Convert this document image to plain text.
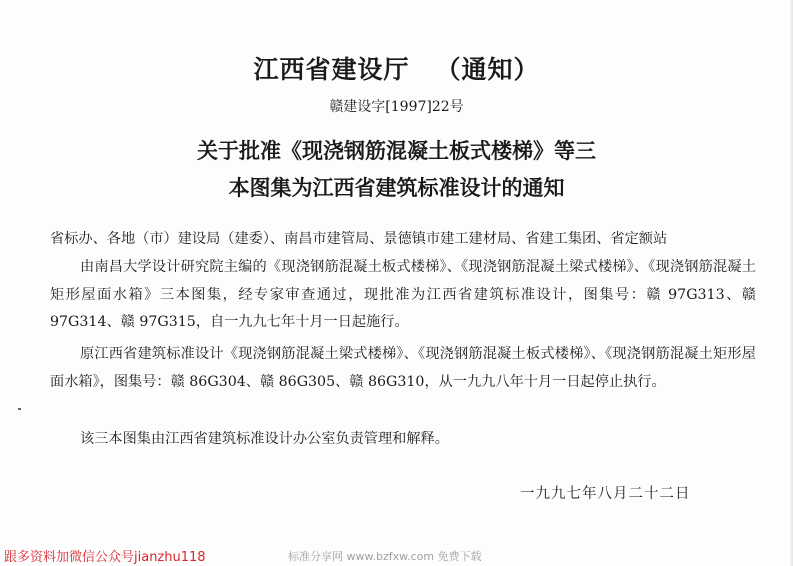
江西省建设厅 （通知）
赣建设字[1997]22号
关于批准《现浇钢筋混凝土板式楼梯》等三
本图集为江西省建筑标准设计的通知

省标办、各地（市）建设局（建委）、南昌市建管局、景德镇市建工建材局、省建工集团、省定额站

由南昌大学设计研究院主编的《现浇钢筋混凝土板式楼梯》、《现浇钢筋混凝土梁式楼梯》、《现浇钢筋混凝土矩形屋面水箱》三本图集，经专家审查通过，现批准为江西省建筑标准设计，图集号：赣 97G313、赣 97G314、赣 97G315，自一九九七年十月一日起施行。

原江西省建筑标准设计《现浇钢筋混凝土梁式楼梯》、《现浇钢筋混凝土板式楼梯》、《现浇钢筋混凝土矩形屋面水箱》，图集号：赣 86G304、赣 86G305、赣 86G310，从一九九八年十月一日起停止执行。

该三本图集由江西省建筑标准设计办公室负责管理和解释。

一九九七年八月二十二日
跟多资料加微信公众号jianzhu118	标准分享网 www.bzfxw.com 免费下载
